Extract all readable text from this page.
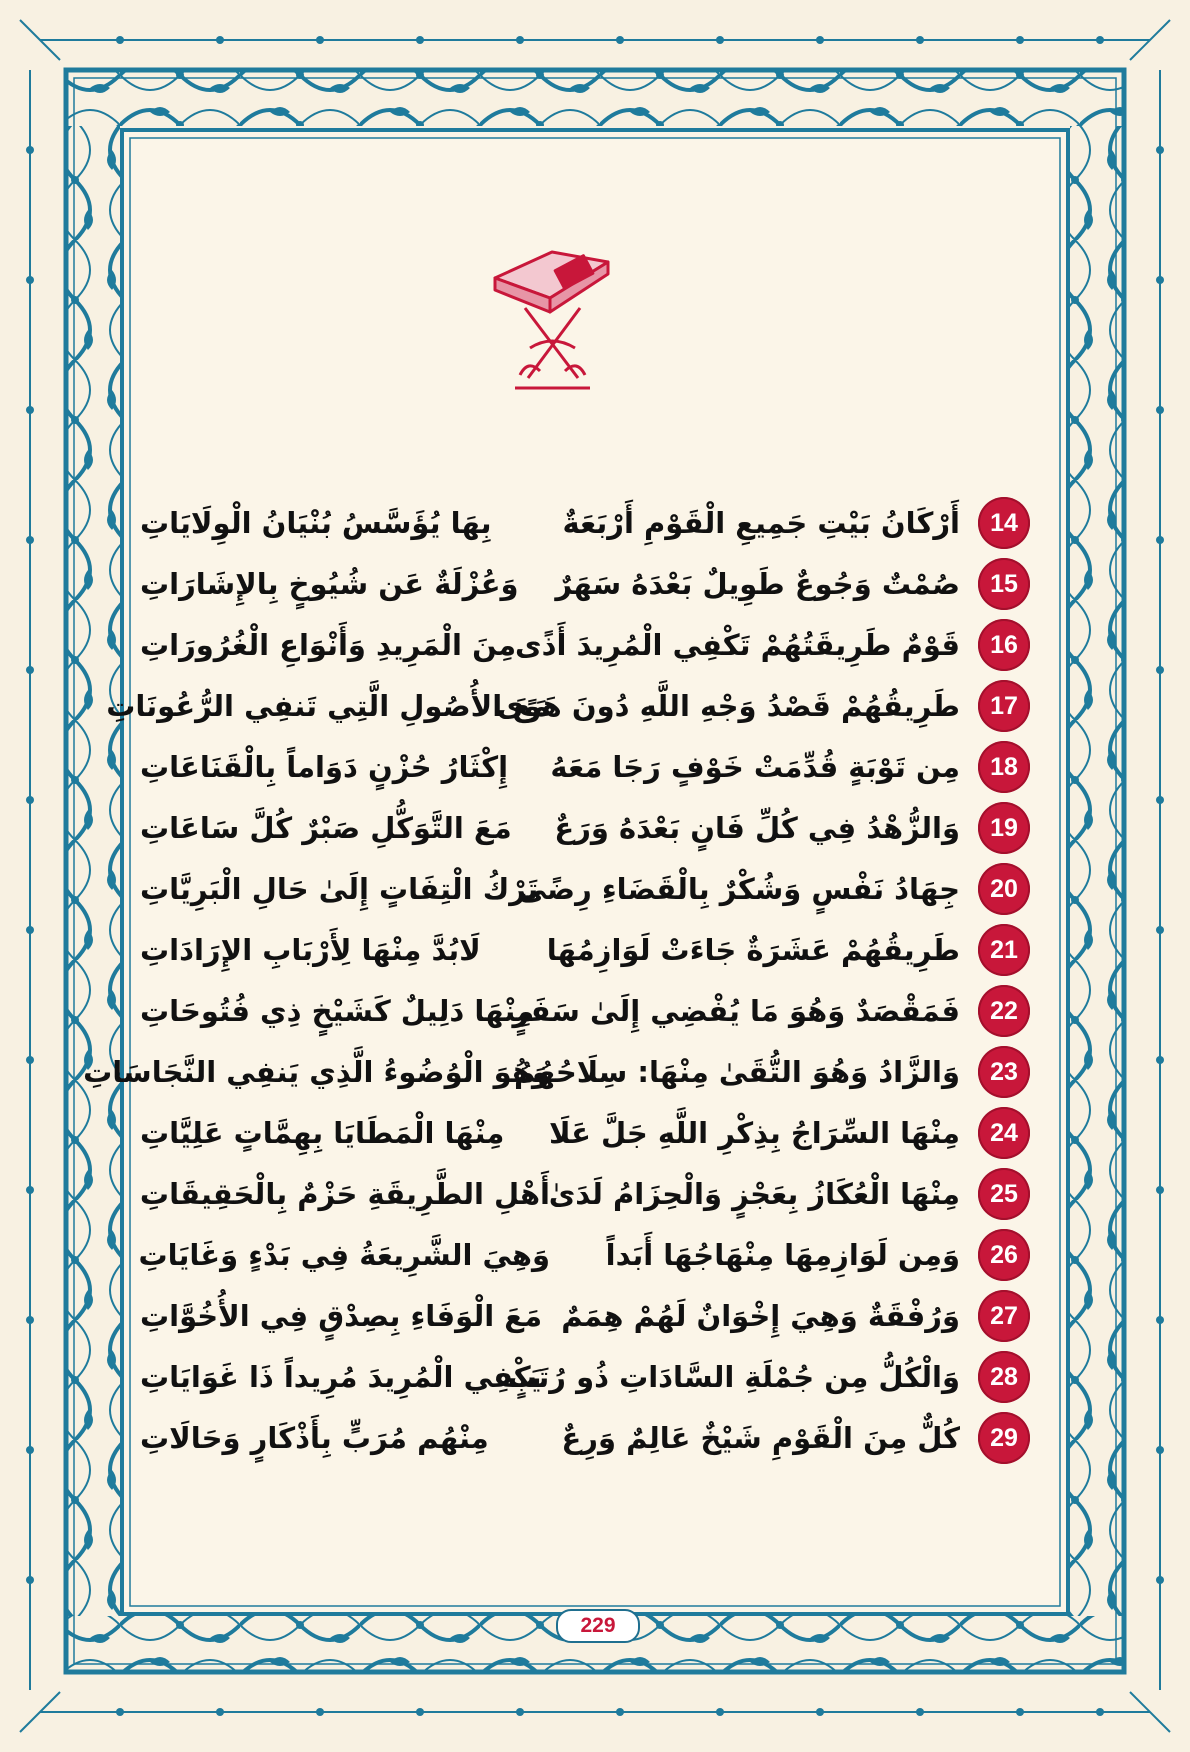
14
أَرْكَانُ بَيْتِ جَمِيعِ الْقَوْمِ أَرْبَعَةٌ
بِهَا يُؤَسَّسُ بُنْيَانُ الْوِلَايَاتِ
15
صُمْتٌ وَجُوعٌ طَوِيلٌ بَعْدَهُ سَهَرٌ
وَعُزْلَةٌ عَن شُيُوخٍ بِالإِشَارَاتِ
16
قَوْمٌ طَرِيقَتُهُمْ تَكْفِي الْمُرِيدَ أَذًى
مِنَ الْمَرِيدِ وَأَنْوَاعِ الْغُرُورَاتِ
17
طَرِيقُهُمْ قَصْدُ وَجْهِ اللَّهِ دُونَ هَوًى
مَعَ الأُصُولِ الَّتِي تَنفِي الرُّعُونَاتِ
18
مِن تَوْبَةٍ قُدِّمَتْ خَوْفٍ رَجَا مَعَهُ
إِكْثَارُ حُزْنٍ دَوَاماً بِالْقَنَاعَاتِ
19
وَالزُّهْدُ فِي كُلِّ فَانٍ بَعْدَهُ وَرَعٌ
مَعَ التَّوَكُّلِ صَبْرٌ كُلَّ سَاعَاتِ
20
جِهَادُ نَفْسٍ وَشُكْرٌ بِالْقَضَاءِ رِضًى
تَرْكُ الْتِفَاتٍ إِلَىٰ حَالِ الْبَرِيَّاتِ
21
طَرِيقُهُمْ عَشَرَةٌ جَاءَتْ لَوَازِمُهَا
لَابُدَّ مِنْهَا لِأَرْبَابِ الإِرَادَاتِ
22
فَمَقْصَدٌ وَهُوَ مَا يُفْضِي إِلَىٰ سَفَرٍ
مِنْهَا دَلِيلٌ كَشَيْخٍ ذِي فُتُوحَاتِ
23
وَالزَّادُ وَهُوَ التُّقَىٰ مِنْهَا: سِلَاحُهُمُ
وَهُوَ الْوُضُوءُ الَّذِي يَنفِي النَّجَاسَاتِ
24
مِنْهَا السِّرَاجُ بِذِكْرِ اللَّهِ جَلَّ عَلَا
مِنْهَا الْمَطَايَا بِهِمَّاتٍ عَلِيَّاتِ
25
مِنْهَا الْعُكَازُ بِعَجْزٍ وَالْحِزَامُ لَدَىٰ
أَهْلِ الطَّرِيقَةِ حَزْمٌ بِالْحَقِيقَاتِ
26
وَمِن لَوَازِمِهَا مِنْهَاجُهَا أَبَداً
وَهِيَ الشَّرِيعَةُ فِي بَدْءٍ وَغَايَاتِ
27
وَرُفْقَةٌ وَهِيَ إِخْوَانٌ لَهُمْ هِمَمٌ
مَعَ الْوَفَاءِ بِصِدْقٍ فِي الأُخُوَّاتِ
28
وَالْكُلُّ مِن جُمْلَةِ السَّادَاتِ ذُو رُتَبٍ
يَكْفِي الْمُرِيدَ مُرِيداً ذَا غَوَايَاتِ
29
كُلٌّ مِنَ الْقَوْمِ شَيْخٌ عَالِمٌ وَرِعٌ
مِنْهُم مُرَبٍّ بِأَذْكَارٍ وَحَالَاتِ
229
